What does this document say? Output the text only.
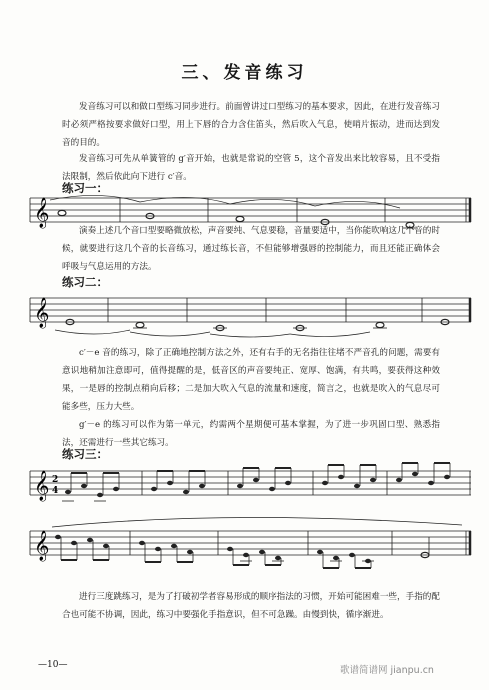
三、发音练习

发音练习可以和做口型练习同步进行。前面曾讲过口型练习的基本要求，因此，在进行发音练习时必须严格按要求做好口型，用上下唇的合力含住笛头，然后吹入气息，使哨片振动，进而达到发音的目的。

发音练习可先从单簧管的 g′音开始，也就是常说的空管 5，这个音发出来比较容易，且不受指法限制，然后依此向下进行 c′音。

练习一：
𝄞

演奏上述几个音口型要略微放松，声音要纯、气息要稳，音量要适中，当你能吹响这几个音的时候，就要进行这几个音的长音练习，通过练长音，不但能够增强唇的控制能力，而且还能正确体会呼吸与气息运用的方法。

练习二：
𝄞

c′－e 音的练习，除了正确地控制方法之外，还有右手的无名指往往堵不严音孔的问题，需要有意识地稍加注意即可，值得提醒的是，低音区的声音要纯正、宽厚、饱满，有共鸣，要获得这种效果，一是唇的控制点稍向后移；二是加大吹入气息的流量和速度，简言之，也就是吹入的气息尽可能多些，压力大些。

g′－e 的练习可以作为第一单元，约需两个星期便可基本掌握，为了进一步巩固口型、熟悉指法，还需进行一些其它练习。

练习三：
𝄞 2
4
𝄞

进行三度跳练习，是为了打破初学者容易形成的顺序指法的习惯，开始可能困难一些，手指的配合也可能不协调，因此，练习中要强化手指意识，但不可急躁。由慢到快，循序渐进。

—10—	歌谱简谱网 jianpu.cn
